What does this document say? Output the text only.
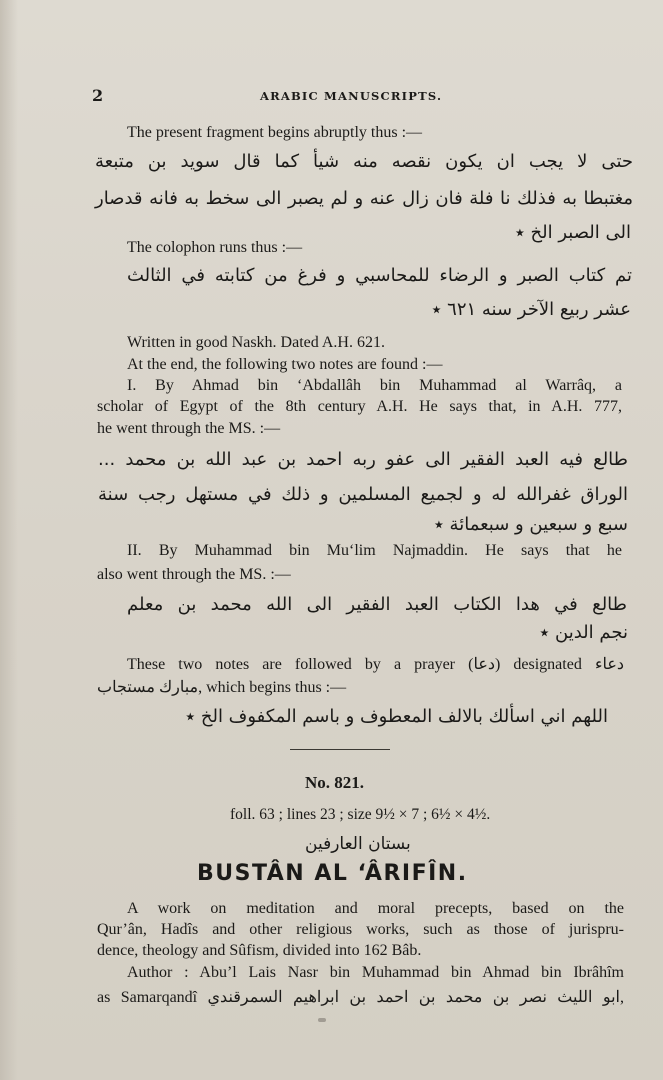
2	ARABIC MANUSCRIPTS.
The present fragment begins abruptly thus :—
حتى لا يجب ان يكون نقصه منه شيأ كما قال سويد بن متبعة
مغتبطا به فذلك نا فلة فان زال عنه و لم يصبر الى سخط به فانه قدصار
الى الصبر الخ ٭
The colophon runs thus :—
تم كتاب الصبر و الرضاء للمحاسبي و فرغ من كتابته في الثالث
عشر ربيع الآخر سنه ٦٢١ ٭
Written in good Naskh. Dated A.H. 621.
At the end, the following two notes are found :—
I. By Ahmad bin ‘Abdallâh bin Muhammad al Warrâq, a
scholar of Egypt of the 8th century A.H. He says that, in A.H. 777,
he went through the MS. :—
طالع فيه العبد الفقير الى عفو ربه احمد بن عبد الله بن محمد ...
الوراق غفرالله له و لجميع المسلمين و ذلك في مستهل رجب سنة
سبع و سبعين و سبعمائة ٭
II. By Muhammad bin Mu‘lim Najmaddin. He says that he
also went through the MS. :—
طالع في هدا الكتاب العبد الفقير الى الله محمد بن معلم
نجم الدين ٭
These two notes are followed by a prayer (دعا) designated دعاء
مبارك مستجاب, which begins thus :—
اللهم اني اسألك بالالف المعطوف و باسم المكفوف الخ ٭
No. 821.
foll. 63 ; lines 23 ; size 9½ × 7 ; 6½ × 4½.
بستان العارفين
BUSTÂN AL ‘ÂRIFÎN.
A work on meditation and moral precepts, based on the
Qur’ân, Hadîs and other religious works, such as those of jurispru-
dence, theology and Sûfism, divided into 162 Bâb.
Author : Abu’l Lais Nasr bin Muhammad bin Ahmad bin Ibrâhîm
as Samarqandî ابو الليث نصر بن محمد بن احمد بن ابراهيم السمرقندي,
